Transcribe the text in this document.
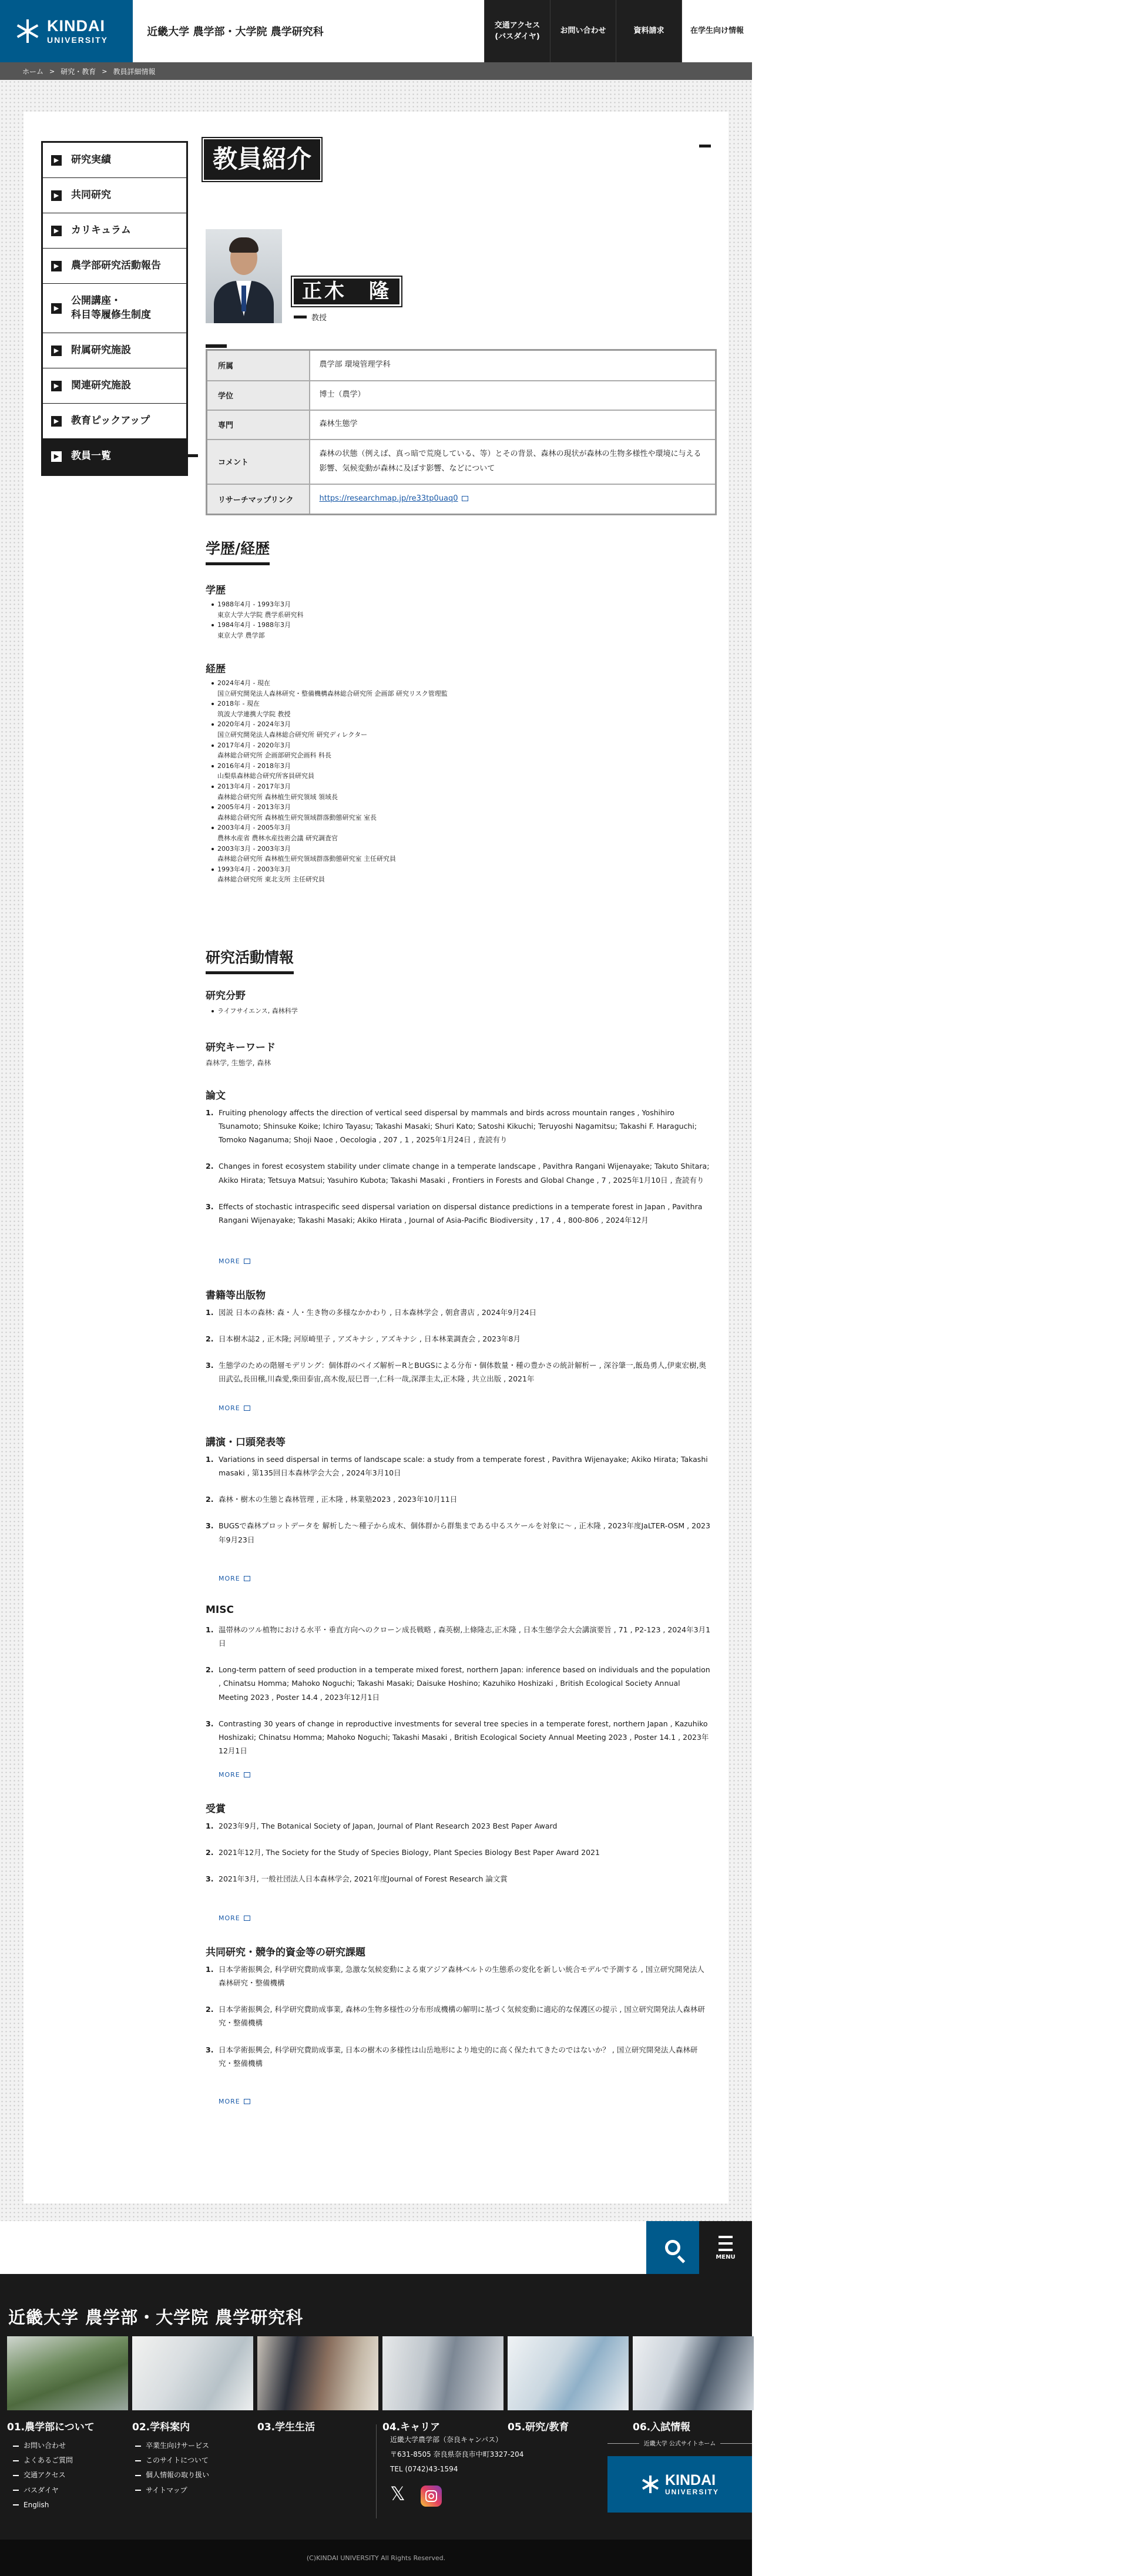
KINDAI
UNIVERSITY
近畿大学 農学部・大学院 農学研究科
交通アクセス
(バスダイヤ)
お問い合わせ	資料請求	在学生向け情報
ホーム > 研究・教育 > 教員詳細情報
▶ 研究実績
▶ 共同研究
▶ カリキュラム
▶ 農学部研究活動報告
▶
公開講座・
科目等履修生制度
▶ 附属研究施設
▶ 関連研究施設
▶ 教育ピックアップ
▶ 教員一覧
教員紹介
正木　隆
教授
所属	農学部 環境管理学科
学位	博士（農学）
専門	森林生態学
コメント	森林の状態（例えば、真っ暗で荒廃している、等）とその背景、森林の現状が森林の生物多様性や環境に与える影響、気候変動が森林に及ぼす影響、などについて
リサーチマップリンク	https://researchmap.jp/re33tp0uaq0
学歴/経歴
学歴
1988年4月 - 1993年3月
東京大学大学院 農学系研究科
1984年4月 - 1988年3月
東京大学 農学部
経歴
2024年4月 - 現在
国立研究開発法人森林研究・整備機構森林総合研究所 企画部 研究リスク管理監
2018年 - 現在
筑波大学連携大学院 教授
2020年4月 - 2024年3月
国立研究開発法人森林総合研究所 研究ディレクター
2017年4月 - 2020年3月
森林総合研究所 企画部研究企画科 科長
2016年4月 - 2018年3月
山梨県森林総合研究所客員研究員
2013年4月 - 2017年3月
森林総合研究所 森林植生研究領域 領域長
2005年4月 - 2013年3月
森林総合研究所 森林植生研究領域群落動態研究室 室長
2003年4月 - 2005年3月
農林水産省 農林水産技術会議 研究調査官
2003年3月 - 2003年3月
森林総合研究所 森林植生研究領域群落動態研究室 主任研究員
1993年4月 - 2003年3月
森林総合研究所 東北支所 主任研究員
研究活動情報
研究分野
ライフサイエンス, 森林科学
研究キーワード
森林学, 生態学, 森林
論文
1. Fruiting phenology affects the direction of vertical seed dispersal by mammals and birds across mountain ranges , Yoshihiro Tsunamoto; Shinsuke Koike; Ichiro Tayasu; Takashi Masaki; Shuri Kato; Satoshi Kikuchi; Teruyoshi Nagamitsu; Takashi F. Haraguchi; Tomoko Naganuma; Shoji Naoe , Oecologia , 207 , 1 , 2025年1月24日 , 査読有り
2. Changes in forest ecosystem stability under climate change in a temperate landscape , Pavithra Rangani Wijenayake; Takuto Shitara; Akiko Hirata; Tetsuya Matsui; Yasuhiro Kubota; Takashi Masaki , Frontiers in Forests and Global Change , 7 , 2025年1月10日 , 査読有り
3. Effects of stochastic intraspecific seed dispersal variation on dispersal distance predictions in a temperate forest in Japan , Pavithra Rangani Wijenayake; Takashi Masaki; Akiko Hirata , Journal of Asia-Pacific Biodiversity , 17 , 4 , 800-806 , 2024年12月
MORE
書籍等出版物
1. 図説 日本の森林: 森・人・生き物の多様なかかわり , 日本森林学会 , 朝倉書店 , 2024年9月24日
2. 日本樹木誌2 , 正木隆; 河原崎里子 , アズキナシ , アズキナシ , 日本林業調査会 , 2023年8月
3. 生態学のための階層モデリング：個体群のベイズ解析ーRとBUGSによる分布・個体数量・種の豊かさの統計解析ー , 深谷肇一,飯島勇人,伊東宏樹,奥田武弘,長田穣,川森愛,柴田泰宙,高木俊,辰巳晋一,仁科一哉,深澤圭太,正木隆 , 共立出版 , 2021年
MORE
講演・口頭発表等
1. Variations in seed dispersal in terms of landscape scale: a study from a temperate forest , Pavithra Wijenayake; Akiko Hirata; Takashi masaki , 第135回日本森林学会大会 , 2024年3月10日
2. 森林・樹木の生態と森林管理 , 正木隆 , 林業塾2023 , 2023年10月11日
3. BUGSで森林プロットデータを 解析した～種子から成木、個体群から群集まである中るスケールを対象に～ , 正木隆 , 2023年度JaLTER-OSM , 2023年9月23日
MORE
MISC
1. 温帯林のツル植物における水平・垂直方向へのクローン成長戦略 , 森英樹,上條隆志,正木隆 , 日本生態学会大会講演要旨 , 71 , P2-123 , 2024年3月1日
2. Long-term pattern of seed production in a temperate mixed forest, northern Japan: inference based on individuals and the population , Chinatsu Homma; Mahoko Noguchi; Takashi Masaki; Daisuke Hoshino; Kazuhiko Hoshizaki , British Ecological Society Annual Meeting 2023 , Poster 14.4 , 2023年12月1日
3. Contrasting 30 years of change in reproductive investments for several tree species in a temperate forest, northern Japan , Kazuhiko Hoshizaki; Chinatsu Homma; Mahoko Noguchi; Takashi Masaki , British Ecological Society Annual Meeting 2023 , Poster 14.1 , 2023年12月1日
MORE
受賞
1. 2023年9月, The Botanical Society of Japan, Journal of Plant Research 2023 Best Paper Award
2. 2021年12月, The Society for the Study of Species Biology, Plant Species Biology Best Paper Award 2021
3. 2021年3月, 一般社団法人日本森林学会, 2021年度Journal of Forest Research 論文賞
MORE
共同研究・競争的資金等の研究課題
1. 日本学術振興会, 科学研究費助成事業, 急激な気候変動による東アジア森林ベルトの生態系の変化を新しい統合モデルで予測する , 国立研究開発法人森林研究・整備機構
2. 日本学術振興会, 科学研究費助成事業, 森林の生物多様性の分布形成機構の解明に基づく気候変動に適応的な保護区の提示 , 国立研究開発法人森林研究・整備機構
3. 日本学術振興会, 科学研究費助成事業, 日本の樹木の多様性は山岳地形により地史的に高く保たれてきたのではないか？ , 国立研究開発法人森林研究・整備機構
MORE
MENU
近畿大学 農学部・大学院 農学研究科
01.農学部について	02.学科案内	03.学生生活	04.キャリア	05.研究/教育	06.入試情報
お問い合わせ
よくあるご質問
交通アクセス
バスダイヤ
English
卒業生向けサービス
このサイトについて
個人情報の取り扱い
サイトマップ
近畿大学農学部（奈良キャンパス）
〒631-8505 奈良県奈良市中町3327-204
TEL (0742)43-1594
𝕏
近畿大学 公式サイトホーム
KINDAI
UNIVERSITY
(C)KINDAI UNIVERSITY All Rights Reserved.
